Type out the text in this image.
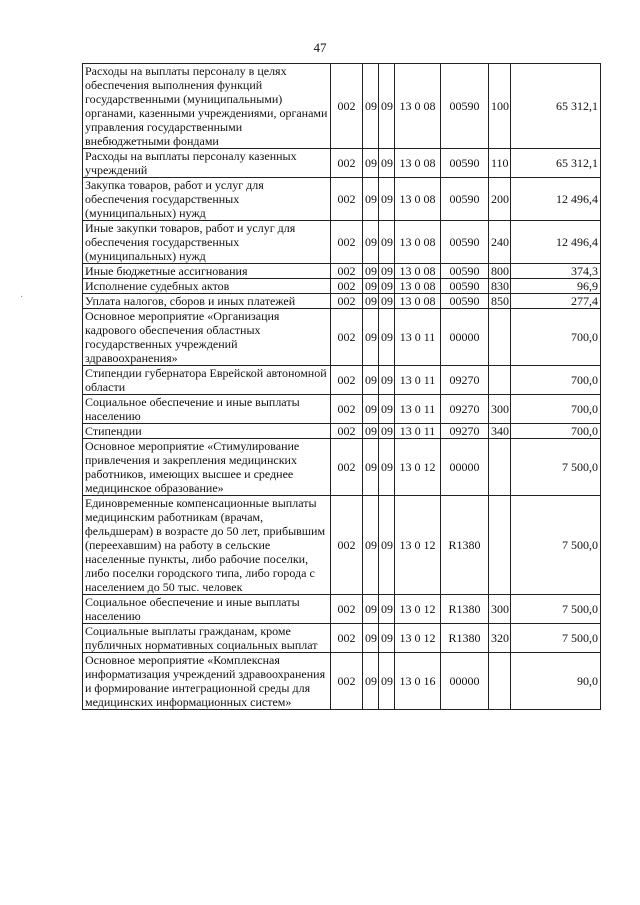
47
·
Расходы на выплаты персоналу в целях обеспечения выполнения функций государственными (муниципальными) органами, казенными учреждениями, органами управления государственными внебюджетными фондами	002	09	09	13 0 08	00590	100	65 312,1
Расходы на выплаты персоналу казенных учреждений	002	09	09	13 0 08	00590	110	65 312,1
Закупка товаров, работ и услуг для обеспечения государственных (муниципальных) нужд	002	09	09	13 0 08	00590	200	12 496,4
Иные закупки товаров, работ и услуг для обеспечения государственных (муниципальных) нужд	002	09	09	13 0 08	00590	240	12 496,4
Иные бюджетные ассигнования	002	09	09	13 0 08	00590	800	374,3
Исполнение судебных актов	002	09	09	13 0 08	00590	830	96,9
Уплата налогов, сборов и иных платежей	002	09	09	13 0 08	00590	850	277,4
Основное мероприятие «Организация кадрового обеспечения областных государственных учреждений здравоохранения»	002	09	09	13 0 11	00000		700,0
Стипендии губернатора Еврейской автономной области	002	09	09	13 0 11	09270		700,0
Социальное обеспечение и иные выплаты населению	002	09	09	13 0 11	09270	300	700,0
Стипендии	002	09	09	13 0 11	09270	340	700,0
Основное мероприятие «Стимулирование привлечения и закрепления медицинских работников, имеющих высшее и среднее медицинское образование»	002	09	09	13 0 12	00000		7 500,0
Единовременные компенсационные выплаты медицинским работникам (врачам, фельдшерам) в возрасте до 50 лет, прибывшим (переехавшим) на работу в сельские населенные пункты, либо рабочие поселки, либо поселки городского типа, либо города с населением до 50 тыс. человек	002	09	09	13 0 12	R1380		7 500,0
Социальное обеспечение и иные выплаты населению	002	09	09	13 0 12	R1380	300	7 500,0
Социальные выплаты гражданам, кроме публичных нормативных социальных выплат	002	09	09	13 0 12	R1380	320	7 500,0
Основное мероприятие «Комплексная информатизация учреждений здравоохранения и формирование интеграционной среды для медицинских информационных систем»	002	09	09	13 0 16	00000		90,0
